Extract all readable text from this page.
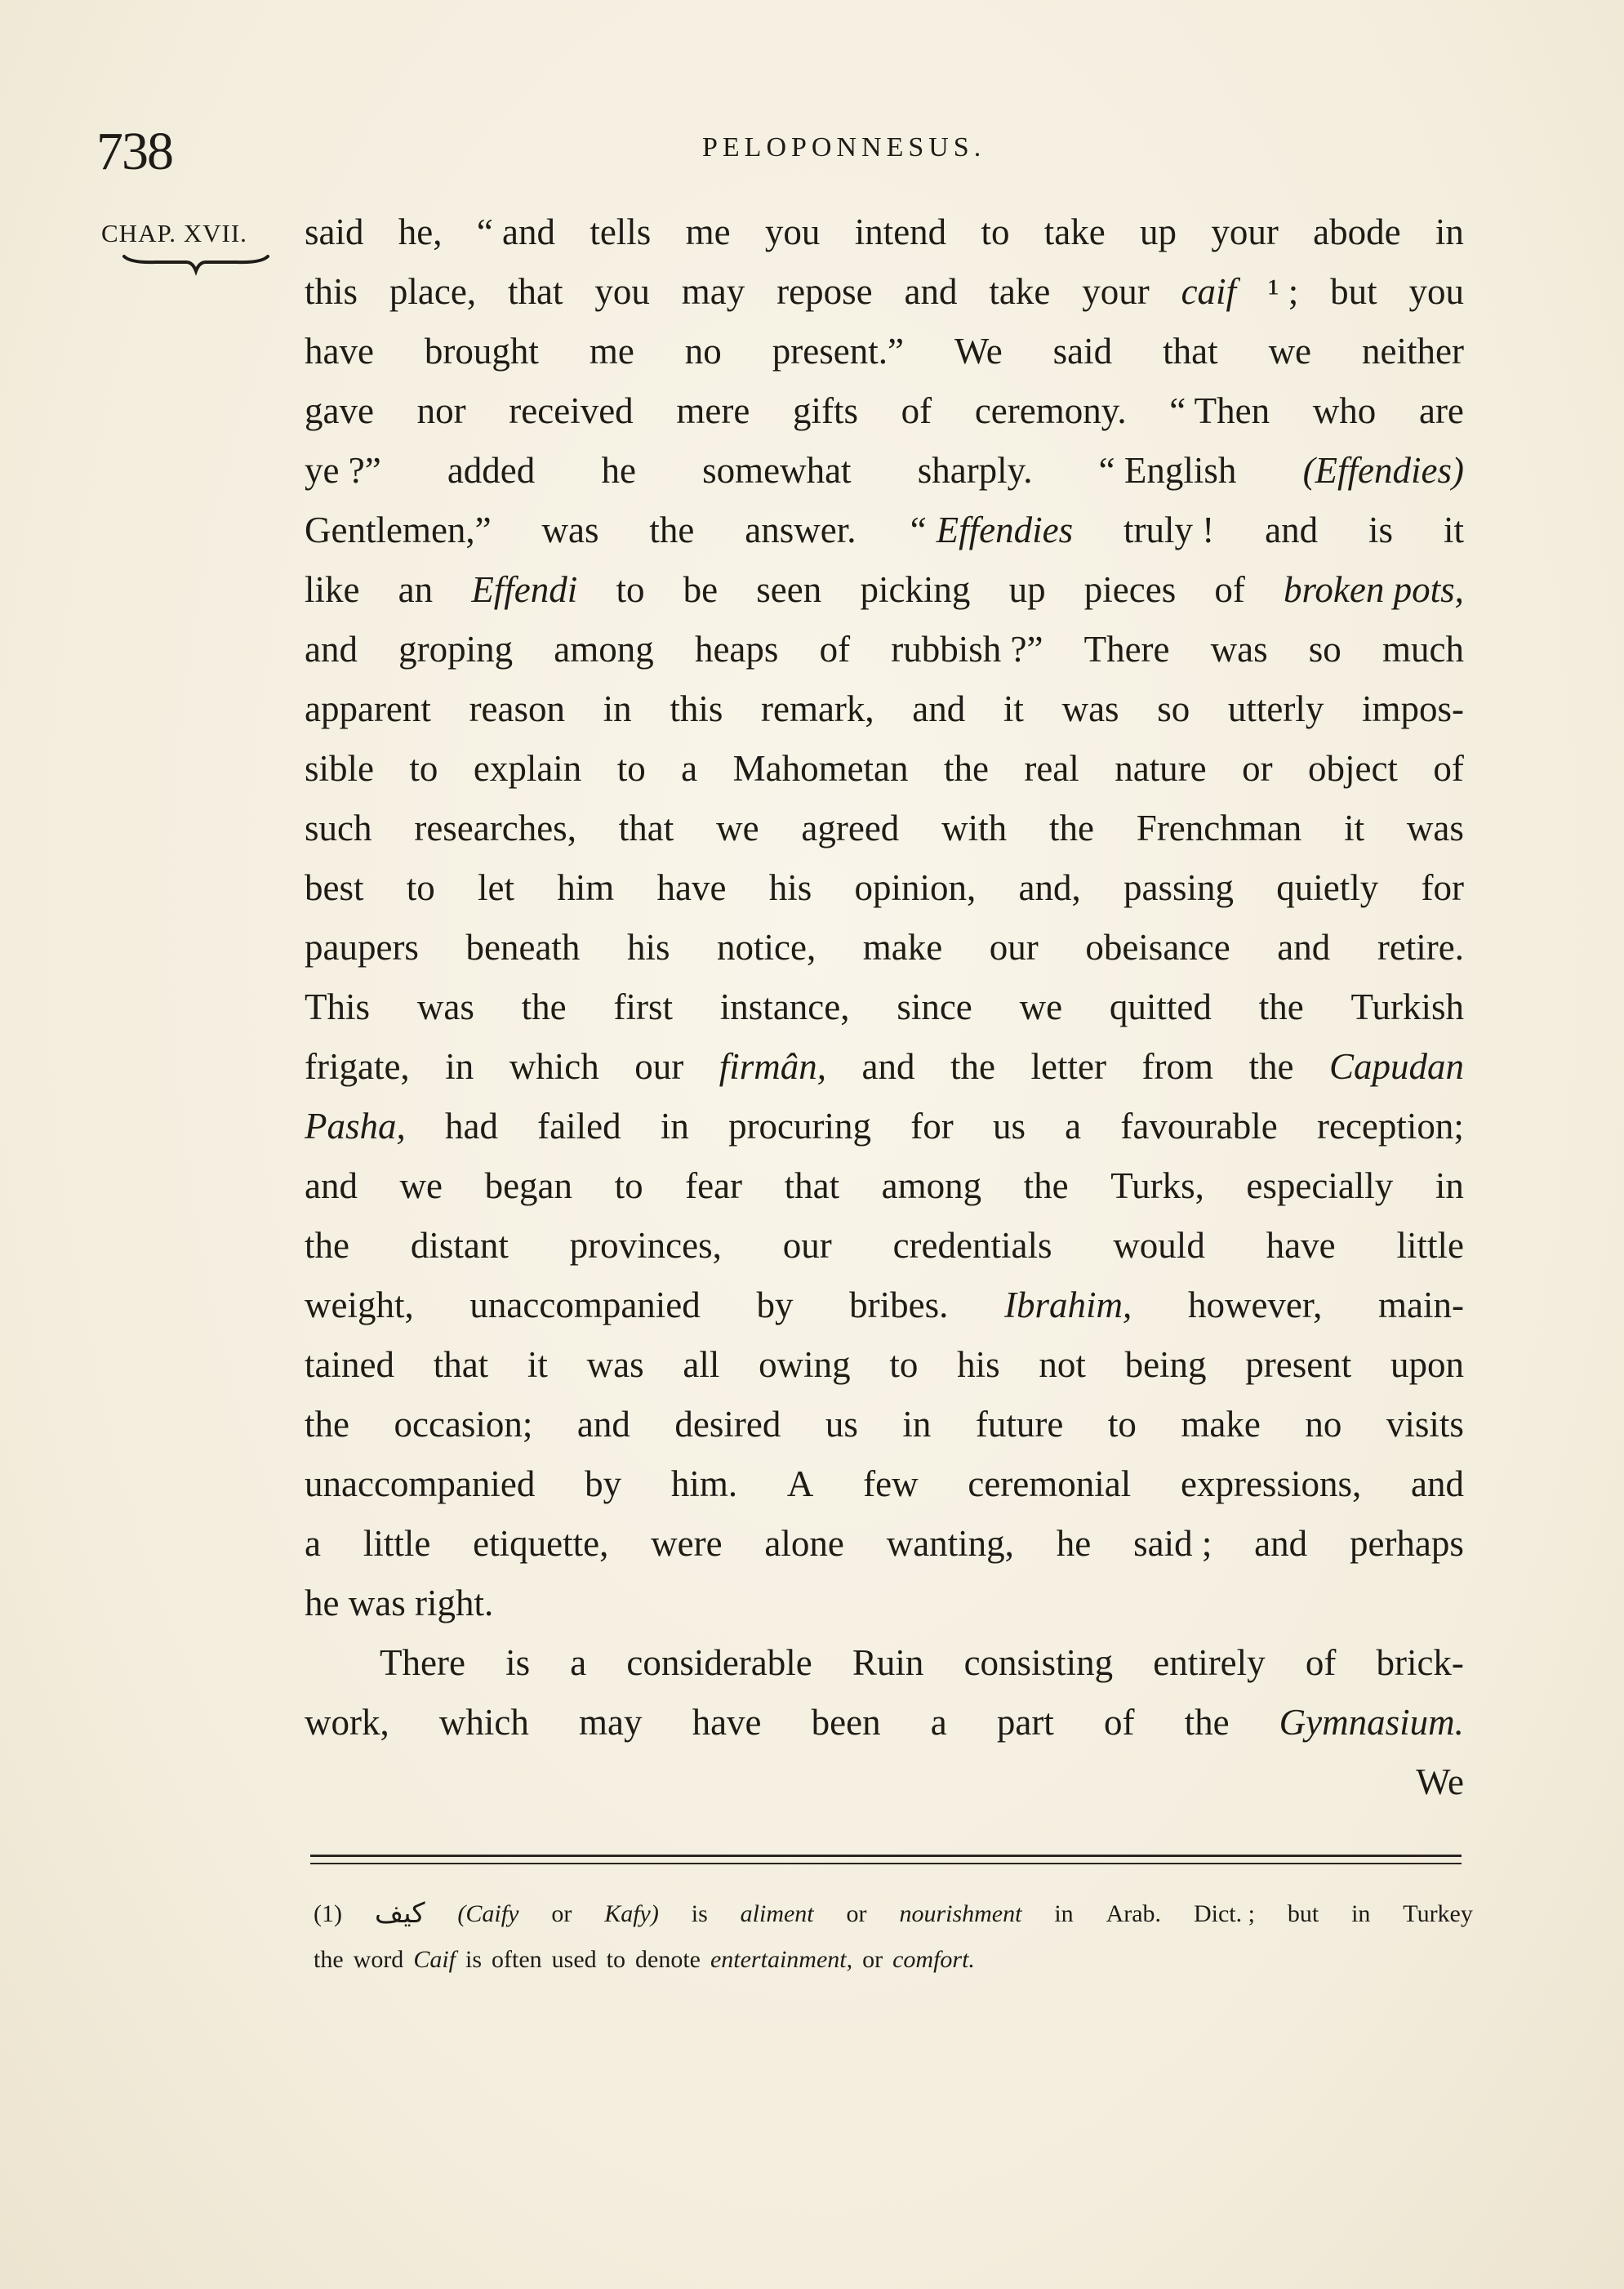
738	PELOPONNESUS.
CHAP. XVII. said he, “ and tells me you intend to take up your abode in
this place, that you may repose and take your caif ¹ ; but you
have brought me no present.” We said that we neither
gave nor received mere gifts of ceremony. “ Then who are
ye ?” added he somewhat sharply. “ English (Effendies)
Gentlemen,” was the answer. “ Effendies truly ! and is it
like an Effendi to be seen picking up pieces of broken pots,
and groping among heaps of rubbish ?” There was so much
apparent reason in this remark, and it was so utterly impos-
sible to explain to a Mahometan the real nature or object of
such researches, that we agreed with the Frenchman it was
best to let him have his opinion, and, passing quietly for
paupers beneath his notice, make our obeisance and retire.
This was the first instance, since we quitted the Turkish
frigate, in which our firmân, and the letter from the Capudan
Pasha, had failed in procuring for us a favourable reception;
and we began to fear that among the Turks, especially in
the distant provinces, our credentials would have little
weight, unaccompanied by bribes. Ibrahim, however, main-
tained that it was all owing to his not being present upon
the occasion; and desired us in future to make no visits
unaccompanied by him. A few ceremonial expressions, and
a little etiquette, were alone wanting, he said ; and perhaps
he was right.
There is a considerable Ruin consisting entirely of brick-
work, which may have been a part of the Gymnasium.
We
(1) كيف (Caify or Kafy) is aliment or nourishment in Arab. Dict. ; but in Turkey
the word Caif is often used to denote entertainment, or comfort.
